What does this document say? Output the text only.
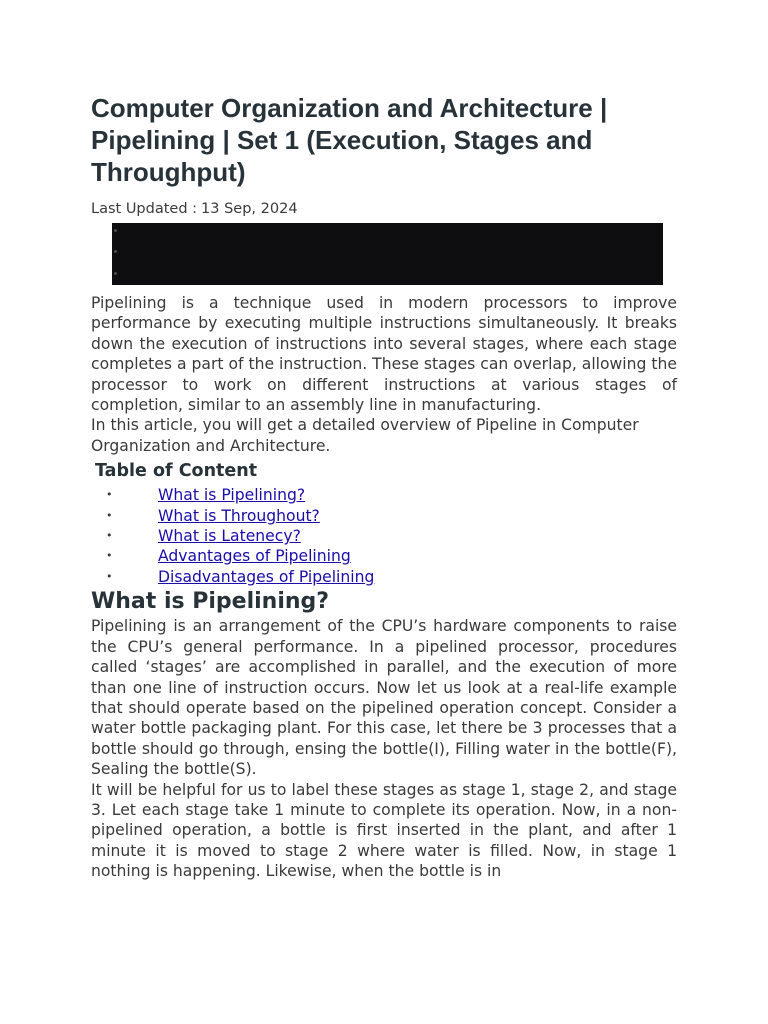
Computer Organization and Architecture | Pipelining | Set 1 (Execution, Stages and Throughput)
Last Updated : 13 Sep, 2024

Pipelining is a technique used in modern processors to improve performance by executing multiple instructions simultaneously. It breaks down the execution of instructions into several stages, where each stage completes a part of the instruction. These stages can overlap, allowing the processor to work on different instructions at various stages of completion, similar to an assembly line in manufacturing.

In this article, you will get a detailed overview of Pipeline in Computer Organization and Architecture.

Table of Content
•	What is Pipelining?
•	What is Throughout?
•	What is Latenecy?
•	Advantages of Pipelining
•	Disadvantages of Pipelining
What is Pipelining?

Pipelining is an arrangement of the CPU’s hardware components to raise the CPU’s general performance. In a pipelined processor, procedures called ‘stages’ are accomplished in parallel, and the execution of more than one line of instruction occurs. Now let us look at a real-life example that should operate based on the pipelined operation concept. Consider a water bottle packaging plant. For this case, let there be 3 processes that a bottle should go through, ensing the bottle(I), Filling water in the bottle(F), Sealing the bottle(S).

It will be helpful for us to label these stages as stage 1, stage 2, and stage 3. Let each stage take 1 minute to complete its operation. Now, in a non-pipelined operation, a bottle is first inserted in the plant, and after 1 minute it is moved to stage 2 where water is filled. Now, in stage 1 nothing is happening. Likewise, when the bottle is in
